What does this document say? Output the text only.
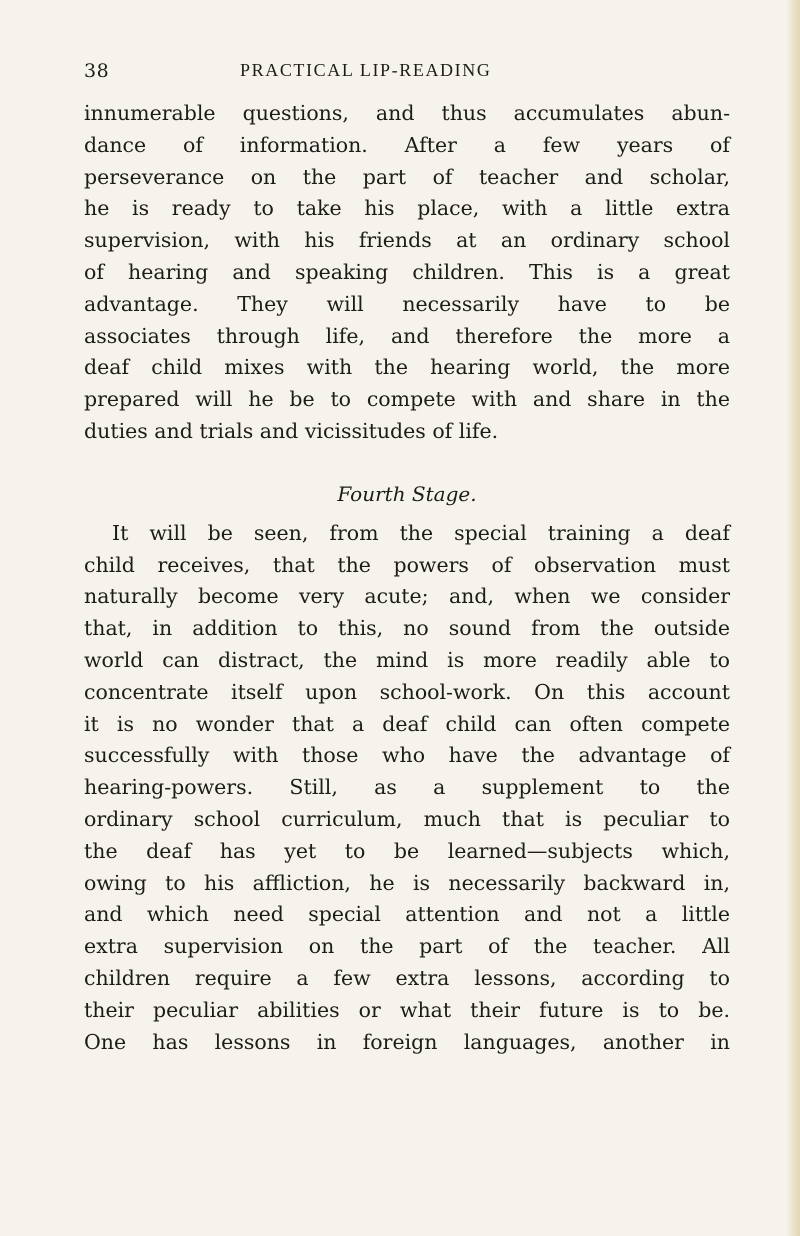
38	PRACTICAL LIP-READING
innumerable questions, and thus accumulates abun-
dance of information. After a few years of
perseverance on the part of teacher and scholar,
he is ready to take his place, with a little extra
supervision, with his friends at an ordinary school
of hearing and speaking children. This is a great
advantage. They will necessarily have to be
associates through life, and therefore the more a
deaf child mixes with the hearing world, the more
prepared will he be to compete with and share in the
duties and trials and vicissitudes of life.
Fourth Stage.
It will be seen, from the special training a deaf
child receives, that the powers of observation must
naturally become very acute; and, when we consider
that, in addition to this, no sound from the outside
world can distract, the mind is more readily able to
concentrate itself upon school-work. On this account
it is no wonder that a deaf child can often compete
successfully with those who have the advantage of
hearing-powers. Still, as a supplement to the
ordinary school curriculum, much that is peculiar to
the deaf has yet to be learned—subjects which,
owing to his affliction, he is necessarily backward in,
and which need special attention and not a little
extra supervision on the part of the teacher. All
children require a few extra lessons, according to
their peculiar abilities or what their future is to be.
One has lessons in foreign languages, another in
